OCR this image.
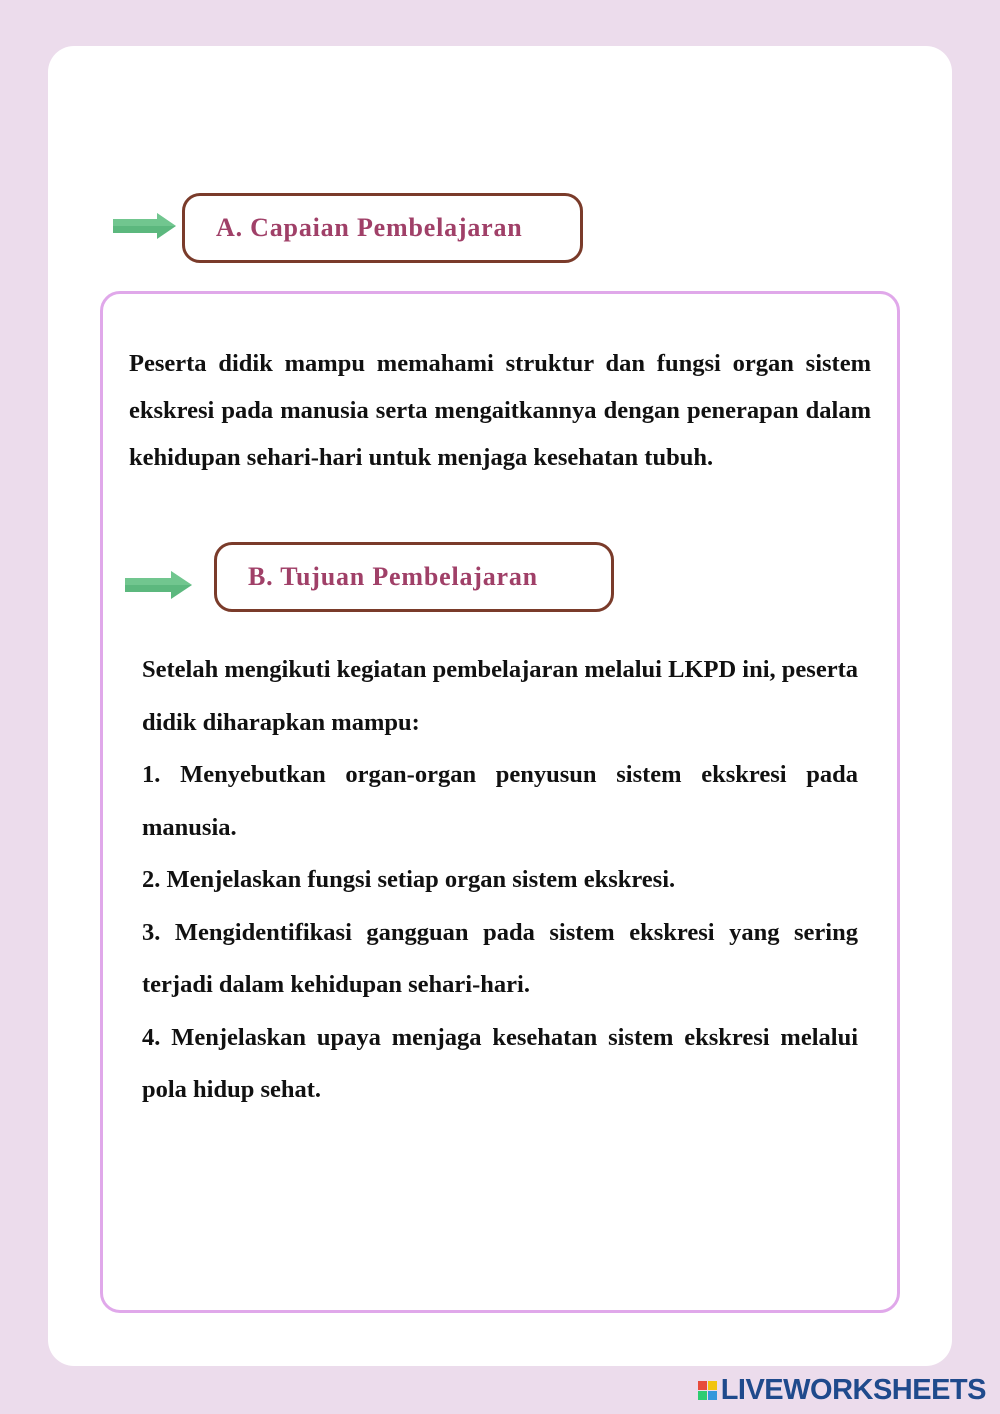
A. Capaian Pembelajaran

Peserta didik mampu memahami struktur dan fungsi organ sistem ekskresi pada manusia serta mengaitkannya dengan penerapan dalam kehidupan sehari-hari untuk menjaga kesehatan tubuh.

B. Tujuan Pembelajaran

Setelah mengikuti kegiatan pembelajaran melalui LKPD ini, peserta didik diharapkan mampu:

1. Menyebutkan organ-organ penyusun sistem ekskresi pada manusia.

2. Menjelaskan fungsi setiap organ sistem ekskresi.

3. Mengidentifikasi gangguan pada sistem ekskresi yang sering terjadi dalam kehidupan sehari-hari.

4. Menjelaskan upaya menjaga kesehatan sistem ekskresi melalui pola hidup sehat.

LIVEWORKSHEETS
